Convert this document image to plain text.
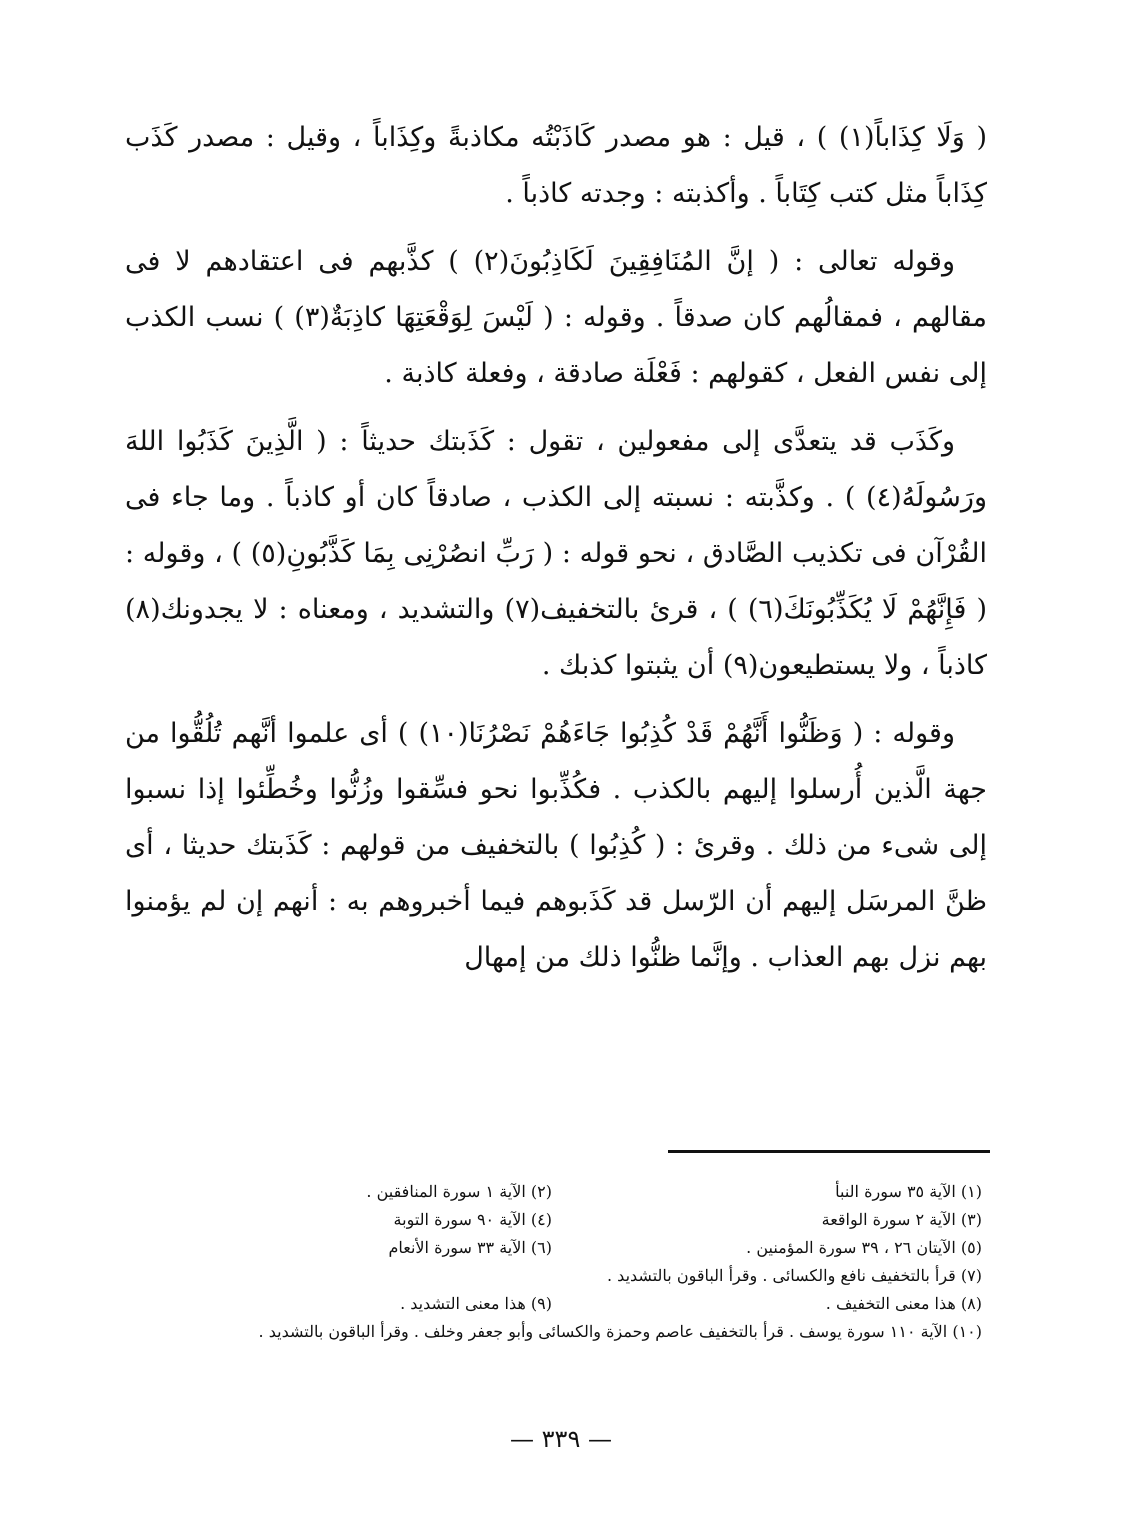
( وَلَا كِذَاباً(١) ) ، قيل : هو مصدر كَاذَبْتُه مكاذبةً وكِذَاباً ، وقيل : مصدر كَذَب كِذَاباً مثل كتب كِتَاباً . وأكذبته : وجدته كاذباً .

وقوله تعالى : ( إنَّ المُنَافِقِينَ لَكَاذِبُونَ(٢) ) كذَّبهم فى اعتقادهم لا فى مقالهم ، فمقالُهم كان صدقاً . وقوله : ( لَيْسَ لِوَقْعَتِهَا كاذِبَةٌ(٣) ) نسب الكذب إلى نفس الفعل ، كقولهم : فَعْلَة صادقة ، وفعلة كاذبة .

وكَذَب قد يتعدَّى إلى مفعولين ، تقول : كَذَبتك حديثاً : ( الَّذِينَ كَذَبُوا اللهَ ورَسُولَهُ(٤) ) . وكذَّبته : نسبته إلى الكذب ، صادقاً كان أو كاذباً . وما جاء فى القُرْآن فى تكذيب الصَّادق ، نحو قوله : ( رَبِّ انصُرْنِى بِمَا كَذَّبُونِ(٥) ) ، وقوله : ( فَإِنَّهُمْ لَا يُكَذِّبُونَكَ(٦) ) ، قرئ بالتخفيف(٧) والتشديد ، ومعناه : لا يجدونك(٨) كاذباً ، ولا يستطيعون(٩) أن يثبتوا كذبك .

وقوله : ( وَظَنُّوا أَنَّهُمْ قَدْ كُذِبُوا جَاءَهُمْ نَصْرُنَا(١٠) ) أى علموا أنَّهم تُلُقُّوا من جهة الَّذين أُرسلوا إليهم بالكذب . فكُذِّبوا نحو فسِّقوا وزُنُّوا وخُطِّئوا إذا نسبوا إلى شىء من ذلك . وقرئ : ( كُذِبُوا ) بالتخفيف من قولهم : كَذَبتك حديثا ، أى ظنَّ المرسَل إليهم أن الرّسل قد كَذَبوهم فيما أخبروهم به : أنهم إن لم يؤمنوا بهم نزل بهم العذاب . وإنَّما ظنُّوا ذلك من إمهال

(١) الآية ٣٥ سورة النبأ
(٢) الآية ١ سورة المنافقين .
(٣) الآية ٢ سورة الواقعة
(٤) الآية ٩٠ سورة التوبة
(٥) الآيتان ٢٦ ، ٣٩ سورة المؤمنين .
(٦) الآية ٣٣ سورة الأنعام
(٧) قرأ بالتخفيف نافع والكسائى . وقرأ الباقون بالتشديد .
(٨) هذا معنى التخفيف .
(٩) هذا معنى التشديد .
(١٠) الآية ١١٠ سورة يوسف . قرأ بالتخفيف عاصم وحمزة والكسائى وأبو جعفر وخلف . وقرأ الباقون بالتشديد .
— ٣٣٩ —
